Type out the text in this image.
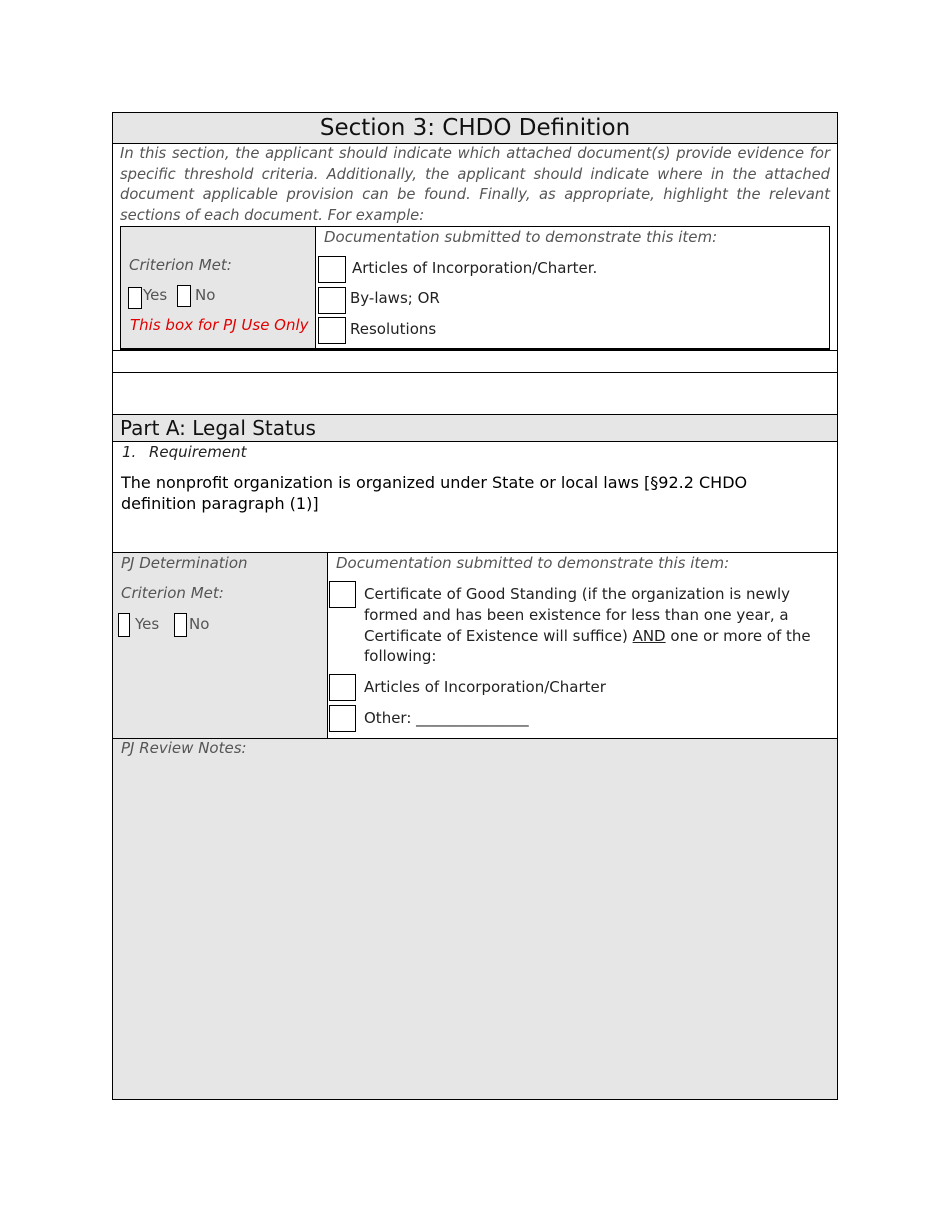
Section 3: CHDO Definition
In this section, the applicant should indicate which attached document(s) provide evidence for specific threshold criteria. Additionally, the applicant should indicate where in the attached document applicable provision can be found. Finally, as appropriate, highlight the relevant sections of each document. For example:
Criterion Met:
Yes No
This box for PJ Use Only
Documentation submitted to demonstrate this item:
Articles of Incorporation/Charter.
By-laws; OR
Resolutions
Part A: Legal Status
1. Requirement
The nonprofit organization is organized under State or local laws [§92.2 CHDO definition paragraph (1)]
PJ Determination
Criterion Met:
Yes No
Documentation submitted to demonstrate this item:
Certificate of Good Standing (if the organization is newly formed and has been existence for less than one year, a Certificate of Existence will suffice) AND one or more of the following:
Articles of Incorporation/Charter
Other: _______________
PJ Review Notes:
